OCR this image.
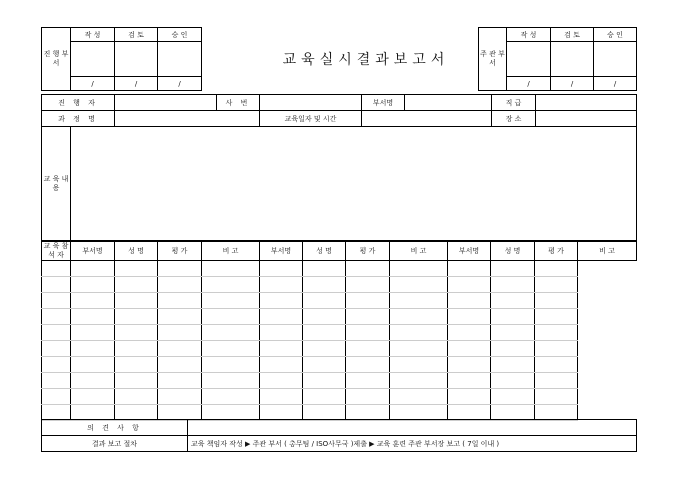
진 행 부 서	작 성	검 토	승 인

	/	/	/
교육실시결과보고서	주 관 부 서	작 성	검 토	승 인

	/	/	/
진 행 자		사 번		부서명		직 급	
과 정 명			교육일자 및 시간			장 소	
교 육 내 용	
교 육 참 석 자	부서명	성 명	평 가	비 고	부서명	성 명	평 가	비 고	부서명	성 명	평 가	비 고

의 견 사 항	
결과 보고 절차	교육 책임자 작성 ▶ 주관 부서 ( 총무팀 / ISO사무국 )제출 ▶ 교육 훈련 주관 부서장 보고 ( 7일 이내 )
